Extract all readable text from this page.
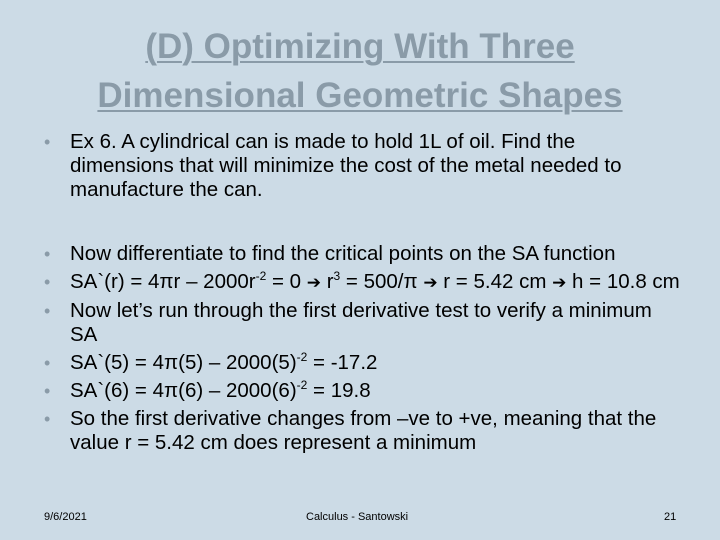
(D) Optimizing With Three
Dimensional Geometric Shapes
• Ex 6. A cylindrical can is made to hold 1L of oil. Find the dimensions that will minimize the cost of the metal needed to manufacture the can.
• Now differentiate to find the critical points on the SA function
• SA`(r) = $4\pi r - 2000r^{-2} = 0$ ➔ $r^3 = 500/\pi$ ➔ r = 5.42 cm ➔ h = 10.8 cm
• Now let’s run through the first derivative test to verify a minimum SA
• SA`(5) = $4\pi(5) - 2000(5)^{-2} = -17.2$
• SA`(6) = $4\pi(6) - 2000(6)^{-2} = 19.8$
• So the first derivative changes from –ve to +ve, meaning that the value r = 5.42 cm does represent a minimum
9/6/2021	Calculus - Santowski	21
